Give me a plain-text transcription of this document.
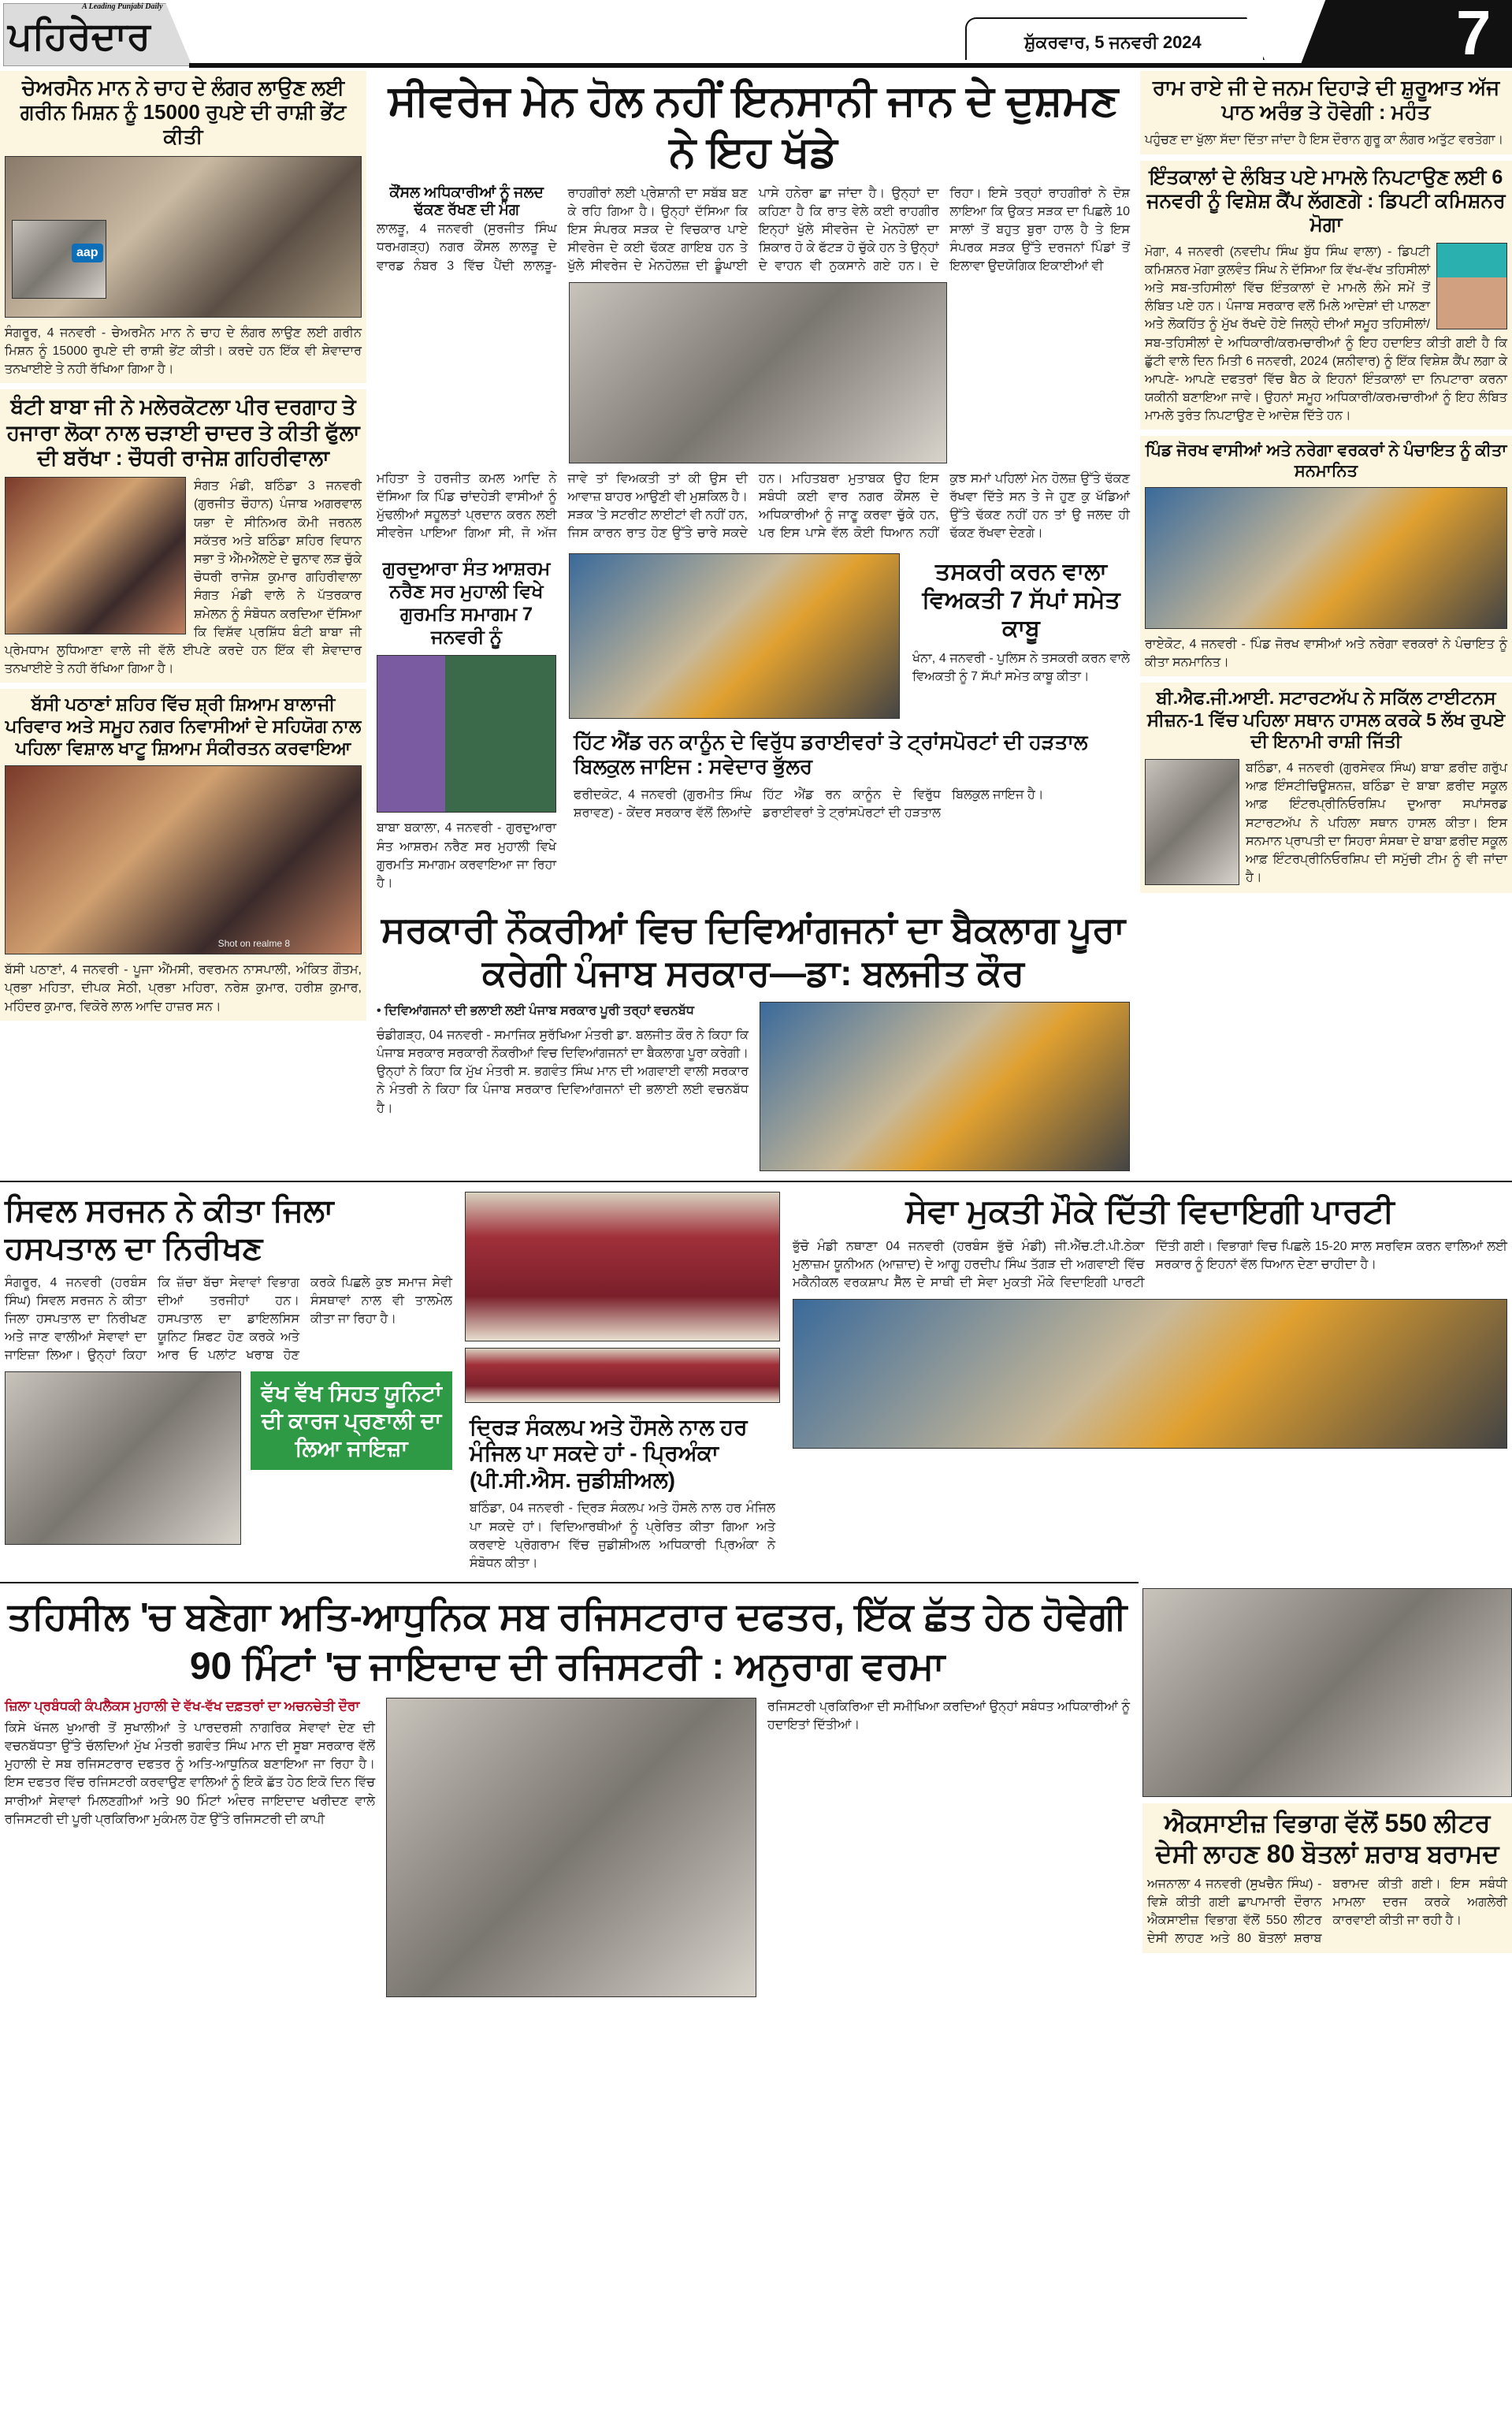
A Leading Punjabi Daily
ਪਹਿਰੇਦਾਰ	ਸ਼ੁੱਕਰਵਾਰ, 5 ਜਨਵਰੀ 2024	7
ਚੇਅਰਮੈਨ ਮਾਨ ਨੇ ਚਾਹ ਦੇ ਲੰਗਰ ਲਾਉਣ ਲਈ ਗਰੀਨ ਮਿਸ਼ਨ ਨੂੰ 15000 ਰੁਪਏ ਦੀ ਰਾਸ਼ੀ ਭੇਂਟ ਕੀਤੀ
aap
ਸੰਗਰੂਰ, 4 ਜਨਵਰੀ - ਚੇਅਰਮੈਨ ਮਾਨ ਨੇ ਚਾਹ ਦੇ ਲੰਗਰ ਲਾਉਣ ਲਈ ਗਰੀਨ ਮਿਸ਼ਨ ਨੂੰ 15000 ਰੁਪਏ ਦੀ ਰਾਸ਼ੀ ਭੇਂਟ ਕੀਤੀ। ਕਰਦੇ ਹਨ ਇੱਕ ਵੀ ਸ਼ੇਵਾਦਾਰ ਤਨਖਾਈਏ ਤੇ ਨਹੀ ਰੱਖਿਆ ਗਿਆ ਹੈ।
ਬੰਟੀ ਬਾਬਾ ਜੀ ਨੇ ਮਲੇਰਕੋਟਲਾ ਪੀਰ ਦਰਗਾਹ ਤੇ ਹਜਾਰਾ ਲੋਕਾ ਨਾਲ ਚੜਾਈ ਚਾਦਰ ਤੇ ਕੀਤੀ ਫੁੱਲਾ ਦੀ ਬਰੱਖਾ : ਚੌਧਰੀ ਰਾਜੇਸ਼ ਗਹਿਰੀਵਾਲਾ
ਸੰਗਤ ਮੰਡੀ, ਬਠਿੰਡਾ 3 ਜਨਵਰੀ (ਗੁਰਜੀਤ ਚੌਹਾਨ) ਪੰਜਾਬ ਅਗਰਵਾਲ ਯਭਾ ਦੇ ਸੀਨਿਅਰ ਕੋਮੀ ਜਰਨਲ ਸਕੱਤਰ ਅਤੇ ਬਠਿੰਡਾ ਸ਼ਹਿਰ ਵਿਧਾਨ ਸਭਾ ਤੋ ਐੱਮਐੱਲਏ ਦੇ ਚੁਨਾਵ ਲੜ ਚੁੱਕੇ ਚੋਧਰੀ ਰਾਜੇਸ਼ ਕੁਮਾਰ ਗਹਿਰੀਵਾਲਾ ਸੰਗਤ ਮੰਡੀ ਵਾਲੇ ਨੇ ਪੱਤਰਕਾਰ ਸ਼ਮੇਲਨ ਨੂੰ ਸੰਬੋਧਨ ਕਰਦਿਆ ਦੱਸਿਆ ਕਿ ਵਿਸ਼ੱਵ ਪ੍ਰਸ਼ਿੱਧ ਬੰਟੀ ਬਾਬਾ ਜੀ ਪ੍ਰੇਮਧਾਮ ਲੁਧਿਆਣਾ ਵਾਲੇ ਜੀ ਵੱਲੋ ਈਪਣੇ ਕਰਦੇ ਹਨ ਇੱਕ ਵੀ ਸ਼ੇਵਾਦਾਰ ਤਨਖਾਈਏ ਤੇ ਨਹੀ ਰੱਖਿਆ ਗਿਆ ਹੈ।
ਬੱਸੀ ਪਠਾਣਾਂ ਸ਼ਹਿਰ ਵਿੱਚ ਸ਼੍ਰੀ ਸ਼ਿਆਮ ਬਾਲਾਜੀ ਪਰਿਵਾਰ ਅਤੇ ਸਮੂਹ ਨਗਰ ਨਿਵਾਸੀਆਂ ਦੇ ਸਹਿਯੋਗ ਨਾਲ ਪਹਿਲਾ ਵਿਸ਼ਾਲ ਖਾਟੂ ਸ਼ਿਆਮ ਸੰਕੀਰਤਨ ਕਰਵਾਇਆ
Shot on realme 8
ਬੱਸੀ ਪਠਾਣਾਂ, 4 ਜਨਵਰੀ - ਪੂਜਾ ਐਂਮਸੀ, ਰਵਰਮਨ ਨਾਸਪਾਲੀ, ਅੰਕਿਤ ਗੌਤਮ, ਪ੍ਰਭਾ ਮਹਿਤਾ, ਦੀਪਕ ਸੇਠੀ, ਪ੍ਰਭਾ ਮਹਿਰਾ, ਨਰੇਸ਼ ਕੁਮਾਰ, ਹਰੀਸ਼ ਕੁਮਾਰ, ਮਹਿੰਦਰ ਕੁਮਾਰ, ਵਿਕੋਰੇ ਲਾਲ ਆਦਿ ਹਾਜ਼ਰ ਸਨ।
ਸੀਵਰੇਜ ਮੇਨ ਹੋਲ ਨਹੀਂ ਇਨਸਾਨੀ ਜਾਨ ਦੇ ਦੁਸ਼ਮਣ ਨੇ ਇਹ ਖੱਡੇ
ਕੌਂਸਲ ਅਧਿਕਾਰੀਆਂ ਨੂੰ ਜਲਦ ਢੱਕਣ ਰੱਖਣ ਦੀ ਮੰਗ
ਲਾਲੜੂ, 4 ਜਨਵਰੀ (ਸੁਰਜੀਤ ਸਿੰਘ ਧਰਮਗੜ੍ਹ) ਨਗਰ ਕੌਂਸਲ ਲਾਲੜੂ ਦੇ ਵਾਰਡ ਨੰਬਰ 3 ਵਿੱਚ ਪੈਂਦੀ ਲਾਲੜੂ- ਰਾਹਗੀਰਾਂ ਲਈ ਪ੍ਰੇਸ਼ਾਨੀ ਦਾ ਸਬੱਬ ਬਣ ਕੇ ਰਹਿ ਗਿਆ ਹੈ। ਉਨ੍ਹਾਂ ਦੱਸਿਆ ਕਿ ਇਸ ਸੰਪਰਕ ਸੜਕ ਦੇ ਵਿਚਕਾਰ ਪਾਏ ਸੀਵਰੇਜ ਦੇ ਕਈ ਢੱਕਣ ਗਾਇਬ ਹਨ ਤੇ ਖੁੱਲੇ ਸੀਵਰੇਜ ਦੇ ਮੇਨਹੋਲਜ਼ ਦੀ ਡੂੰਘਾਈ ਪਾਸੇ ਹਨੇਰਾ ਛਾ ਜਾਂਦਾ ਹੈ। ਉਨ੍ਹਾਂ ਦਾ ਕਹਿਣਾ ਹੈ ਕਿ ਰਾਤ ਵੇਲੇ ਕਈ ਰਾਹਗੀਰ ਇਨ੍ਹਾਂ ਖੁੱਲੇ ਸੀਵਰੇਜ ਦੇ ਮੇਨਹੋਲਾਂ ਦਾ ਸ਼ਿਕਾਰ ਹੋ ਕੇ ਫੱਟੜ ਹੋ ਚੁੱਕੇ ਹਨ ਤੇ ਉਨ੍ਹਾਂ ਦੇ ਵਾਹਨ ਵੀ ਨੁਕਸਾਨੇ ਗਏ ਹਨ। ਦੇ ਰਿਹਾ। ਇਸੇ ਤਰ੍ਹਾਂ ਰਾਹਗੀਰਾਂ ਨੇ ਦੋਸ਼ ਲਾਇਆ ਕਿ ਉਕਤ ਸੜਕ ਦਾ ਪਿਛਲੇ 10 ਸਾਲਾਂ ਤੋਂ ਬਹੁਤ ਬੁਰਾ ਹਾਲ ਹੈ ਤੇ ਇਸ ਸੰਪਰਕ ਸੜਕ ਉੱਤੇ ਦਰਜਨਾਂ ਪਿੰਡਾਂ ਤੋਂ ਇਲਾਵਾ ਉਦਯੋਗਿਕ ਇਕਾਈਆਂ ਵੀ
ਮਹਿਤਾ ਤੇ ਹਰਜੀਤ ਕਮਲ ਆਦਿ ਨੇ ਦੱਸਿਆ ਕਿ ਪਿੰਡ ਚਾਂਦਹੇੜੀ ਵਾਸੀਆਂ ਨੂੰ ਮੁੱਢਲੀਆਂ ਸਹੂਲਤਾਂ ਪ੍ਰਦਾਨ ਕਰਨ ਲਈ ਸੀਵਰੇਜ ਪਾਇਆ ਗਿਆ ਸੀ, ਜੋ ਅੱਜ ਜਾਵੇ ਤਾਂ ਵਿਅਕਤੀ ਤਾਂ ਕੀ ਉਸ ਦੀ ਆਵਾਜ਼ ਬਾਹਰ ਆਉਣੀ ਵੀ ਮੁਸ਼ਕਿਲ ਹੈ। ਸੜਕ 'ਤੇ ਸਟਰੀਟ ਲਾਈਟਾਂ ਵੀ ਨਹੀਂ ਹਨ, ਜਿਸ ਕਾਰਨ ਰਾਤ ਹੋਣ ਉੱਤੇ ਚਾਰੇ ਸਕਦੇ ਹਨ। ਮਹਿਤਬਰਾ ਮੁਤਾਬਕ ਉਹ ਇਸ ਸਬੰਧੀ ਕਈ ਵਾਰ ਨਗਰ ਕੌਂਸਲ ਦੇ ਅਧਿਕਾਰੀਆਂ ਨੂੰ ਜਾਣੂ ਕਰਵਾ ਚੁੱਕੇ ਹਨ, ਪਰ ਇਸ ਪਾਸੇ ਵੱਲ ਕੋਈ ਧਿਆਨ ਨਹੀਂ ਕੁਝ ਸਮਾਂ ਪਹਿਲਾਂ ਮੇਨ ਹੋਲਜ਼ ਉੱਤੇ ਢੱਕਣ ਰੱਖਵਾ ਦਿੱਤੇ ਸਨ ਤੇ ਜੇ ਹੁਣ ਕੁ ਖੱਡਿਆਂ ਉੱਤੇ ਢੱਕਣ ਨਹੀਂ ਹਨ ਤਾਂ ਉ ਜਲਦ ਹੀ ਢੱਕਣ ਰੱਖਵਾ ਦੇਣਗੇ।
ਗੁਰਦੁਆਰਾ ਸੰਤ ਆਸ਼ਰਮ ਨਰੈਣ ਸਰ ਮੁਹਾਲੀ ਵਿਖੇ ਗੁਰਮਤਿ ਸਮਾਗਮ 7 ਜਨਵਰੀ ਨੂੰ
ਬਾਬਾ ਬਕਾਲਾ, 4 ਜਨਵਰੀ - ਗੁਰਦੁਆਰਾ ਸੰਤ ਆਸ਼ਰਮ ਨਰੈਣ ਸਰ ਮੁਹਾਲੀ ਵਿਖੇ ਗੁਰਮਤਿ ਸਮਾਗਮ ਕਰਵਾਇਆ ਜਾ ਰਿਹਾ ਹੈ।
ਤਸਕਰੀ ਕਰਨ ਵਾਲਾ ਵਿਅਕਤੀ 7 ਸੱਪਾਂ ਸਮੇਤ ਕਾਬੂ
ਖੰਨਾ, 4 ਜਨਵਰੀ - ਪੁਲਿਸ ਨੇ ਤਸਕਰੀ ਕਰਨ ਵਾਲੇ ਵਿਅਕਤੀ ਨੂੰ 7 ਸੱਪਾਂ ਸਮੇਤ ਕਾਬੂ ਕੀਤਾ।
ਹਿੱਟ ਐਂਡ ਰਨ ਕਾਨੂੰਨ ਦੇ ਵਿਰੁੱਧ ਡਰਾਈਵਰਾਂ ਤੇ ਟ੍ਰਾਂਸਪੋਰਟਾਂ ਦੀ ਹੜਤਾਲ ਬਿਲਕੁਲ ਜਾਇਜ : ਸਵੇਦਾਰ ਭੁੱਲਰ
ਫਰੀਦਕੋਟ, 4 ਜਨਵਰੀ (ਗੁਰਮੀਤ ਸਿੰਘ ਸ਼ਰਾਵਣ) - ਕੇਂਦਰ ਸਰਕਾਰ ਵੱਲੋਂ ਲਿਆਂਦੇ ਹਿੱਟ ਐਂਡ ਰਨ ਕਾਨੂੰਨ ਦੇ ਵਿਰੁੱਧ ਡਰਾਈਵਰਾਂ ਤੇ ਟ੍ਰਾਂਸਪੋਰਟਾਂ ਦੀ ਹੜਤਾਲ ਬਿਲਕੁਲ ਜਾਇਜ ਹੈ।
ਸਰਕਾਰੀ ਨੌਕਰੀਆਂ ਵਿਚ ਦਿਵਿਆਂਗਜਨਾਂ ਦਾ ਬੈਕਲਾਗ ਪੂਰਾ ਕਰੇਗੀ ਪੰਜਾਬ ਸਰਕਾਰ—ਡਾ: ਬਲਜੀਤ ਕੌਰ
• ਦਿਵਿਆਂਗਜਨਾਂ ਦੀ ਭਲਾਈ ਲਈ ਪੰਜਾਬ ਸਰਕਾਰ ਪੂਰੀ ਤਰ੍ਹਾਂ ਵਚਨਬੱਧ
ਚੰਡੀਗੜ੍ਹ, 04 ਜਨਵਰੀ - ਸਮਾਜਿਕ ਸੁਰੱਖਿਆ ਮੰਤਰੀ ਡਾ. ਬਲਜੀਤ ਕੌਰ ਨੇ ਕਿਹਾ ਕਿ ਪੰਜਾਬ ਸਰਕਾਰ ਸਰਕਾਰੀ ਨੌਕਰੀਆਂ ਵਿਚ ਦਿਵਿਆਂਗਜਨਾਂ ਦਾ ਬੈਕਲਾਗ ਪੂਰਾ ਕਰੇਗੀ। ਉਨ੍ਹਾਂ ਨੇ ਕਿਹਾ ਕਿ ਮੁੱਖ ਮੰਤਰੀ ਸ. ਭਗਵੰਤ ਸਿੰਘ ਮਾਨ ਦੀ ਅਗਵਾਈ ਵਾਲੀ ਸਰਕਾਰ ਨੇ ਮੰਤਰੀ ਨੇ ਕਿਹਾ ਕਿ ਪੰਜਾਬ ਸਰਕਾਰ ਦਿਵਿਆਂਗਜਨਾਂ ਦੀ ਭਲਾਈ ਲਈ ਵਚਨਬੱਧ ਹੈ।
ਰਾਮ ਰਾਏ ਜੀ ਦੇ ਜਨਮ ਦਿਹਾੜੇ ਦੀ ਸ਼ੁਰੂਆਤ ਅੱਜ ਪਾਠ ਅਰੰਭ ਤੇ ਹੋਵੇਗੀ : ਮਹੰਤ
ਪਹੁੰਚਣ ਦਾ ਖੁੱਲਾ ਸੱਦਾ ਦਿੱਤਾ ਜਾਂਦਾ ਹੈ ਇਸ ਦੌਰਾਨ ਗੁਰੂ ਕਾ ਲੰਗਰ ਅਤੁੱਟ ਵਰਤੇਗਾ।
ਇੰਤਕਾਲਾਂ ਦੇ ਲੰਬਿਤ ਪਏ ਮਾਮਲੇ ਨਿਪਟਾਉਣ ਲਈ 6 ਜਨਵਰੀ ਨੂੰ ਵਿਸ਼ੇਸ਼ ਕੈਂਪ ਲੱਗਣਗੇ : ਡਿਪਟੀ ਕਮਿਸ਼ਨਰ ਮੋਗਾ
ਮੋਗਾ, 4 ਜਨਵਰੀ (ਨਵਦੀਪ ਸਿੰਘ ਬੁੱਧ ਸਿੰਘ ਵਾਲਾ) - ਡਿਪਟੀ ਕਮਿਸ਼ਨਰ ਮੋਗਾ ਕੁਲਵੰਤ ਸਿੰਘ ਨੇ ਦੱਸਿਆ ਕਿ ਵੱਖ-ਵੱਖ ਤਹਿਸੀਲਾਂ ਅਤੇ ਸਬ-ਤਹਿਸੀਲਾਂ ਵਿੱਚ ਇੰਤਕਾਲਾਂ ਦੇ ਮਾਮਲੇ ਲੰਮੇ ਸਮੇਂ ਤੋਂ ਲੰਬਿਤ ਪਏ ਹਨ। ਪੰਜਾਬ ਸਰਕਾਰ ਵਲੋਂ ਮਿਲੇ ਆਦੇਸ਼ਾਂ ਦੀ ਪਾਲਣਾ ਅਤੇ ਲੋਕਹਿੱਤ ਨੂੰ ਮੁੱਖ ਰੱਖਦੇ ਹੋਏ ਜਿਲ੍ਹੇ ਦੀਆਂ ਸਮੂਹ ਤਹਿਸੀਲਾਂ/ਸਬ-ਤਹਿਸੀਲਾਂ ਦੇ ਅਧਿਕਾਰੀ/ਕਰਮਚਾਰੀਆਂ ਨੂੰ ਇਹ ਹਦਾਇਤ ਕੀਤੀ ਗਈ ਹੈ ਕਿ ਛੁੱਟੀ ਵਾਲੇ ਦਿਨ ਮਿਤੀ 6 ਜਨਵਰੀ, 2024 (ਸ਼ਨੀਵਾਰ) ਨੂੰ ਇੱਕ ਵਿਸ਼ੇਸ਼ ਕੈਂਪ ਲਗਾ ਕੇ ਆਪਣੇ- ਆਪਣੇ ਦਫਤਰਾਂ ਵਿੱਚ ਬੈਠ ਕੇ ਇਹਨਾਂ ਇੰਤਕਾਲਾਂ ਦਾ ਨਿਪਟਾਰਾ ਕਰਨਾ ਯਕੀਨੀ ਬਣਾਇਆ ਜਾਵੇ। ਉਹਨਾਂ ਸਮੂਹ ਅਧਿਕਾਰੀ/ਕਰਮਚਾਰੀਆਂ ਨੂੰ ਇਹ ਲੰਬਿਤ ਮਾਮਲੇ ਤੁਰੰਤ ਨਿਪਟਾਉਣ ਦੇ ਆਦੇਸ਼ ਦਿੱਤੇ ਹਨ।
ਪਿੰਡ ਜੋਰਖ ਵਾਸੀਆਂ ਅਤੇ ਨਰੇਗਾ ਵਰਕਰਾਂ ਨੇ ਪੰਚਾਇਤ ਨੂੰ ਕੀਤਾ ਸਨਮਾਨਿਤ
ਰਾਏਕੋਟ, 4 ਜਨਵਰੀ - ਪਿੰਡ ਜੋਰਖ ਵਾਸੀਆਂ ਅਤੇ ਨਰੇਗਾ ਵਰਕਰਾਂ ਨੇ ਪੰਚਾਇਤ ਨੂੰ ਕੀਤਾ ਸਨਮਾਨਿਤ।
ਬੀ.ਐਫ.ਜੀ.ਆਈ. ਸਟਾਰਟਅੱਪ ਨੇ ਸਕਿੱਲ ਟਾਈਟਨਸ ਸੀਜ਼ਨ-1 ਵਿੱਚ ਪਹਿਲਾ ਸਥਾਨ ਹਾਸਲ ਕਰਕੇ 5 ਲੱਖ ਰੁਪਏ ਦੀ ਇਨਾਮੀ ਰਾਸ਼ੀ ਜਿੱਤੀ
ਬਠਿੰਡਾ, 4 ਜਨਵਰੀ (ਗੁਰਸੇਵਕ ਸਿੰਘ) ਬਾਬਾ ਫ਼ਰੀਦ ਗਰੁੱਪ ਆਫ਼ ਇੰਸਟੀਚਿਊਸ਼ਨਜ਼, ਬਠਿੰਡਾ ਦੇ ਬਾਬਾ ਫ਼ਰੀਦ ਸਕੂਲ ਆਫ਼ ਇੰਟਰਪ੍ਰੀਨਿਓਰਸ਼ਿਪ ਦੁਆਰਾ ਸਪਾਂਸਰਡ ਸਟਾਰਟਅੱਪ ਨੇ ਪਹਿਲਾ ਸਥਾਨ ਹਾਸਲ ਕੀਤਾ। ਇਸ ਸਨਮਾਨ ਪ੍ਰਾਪਤੀ ਦਾ ਸਿਹਰਾ ਸੰਸਥਾ ਦੇ ਬਾਬਾ ਫ਼ਰੀਦ ਸਕੂਲ ਆਫ਼ ਇੰਟਰਪ੍ਰੀਨਿਓਰਸ਼ਿਪ ਦੀ ਸਮੁੱਚੀ ਟੀਮ ਨੂੰ ਵੀ ਜਾਂਦਾ ਹੈ।
ਸਿਵਲ ਸਰਜਨ ਨੇ ਕੀਤਾ ਜਿਲਾ ਹਸਪਤਾਲ ਦਾ ਨਿਰੀਖਣ
ਸੰਗਰੂਰ, 4 ਜਨਵਰੀ (ਹਰਬੰਸ ਸਿੰਘ) ਸਿਵਲ ਸਰਜਨ ਨੇ ਕੀਤਾ ਜਿਲਾ ਹਸਪਤਾਲ ਦਾ ਨਿਰੀਖਣ ਅਤੇ ਜਾਣ ਵਾਲੀਆਂ ਸੇਵਾਵਾਂ ਦਾ ਜਾਇਜ਼ਾ ਲਿਆ। ਉਨ੍ਹਾਂ ਕਿਹਾ ਕਿ ਜ਼ੱਚਾ ਬੱਚਾ ਸੇਵਾਵਾਂ ਵਿਭਾਗ ਦੀਆਂ ਤਰਜੀਹਾਂ ਹਨ। ਹਸਪਤਾਲ ਦਾ ਡਾਇਲਸਿਸ ਯੂਨਿਟ ਸ਼ਿਫਟ ਹੋਣ ਕਰਕੇ ਅਤੇ ਆਰ ਓ ਪਲਾਂਟ ਖਰਾਬ ਹੋਣ ਕਰਕੇ ਪਿਛਲੇ ਕੁਝ ਸਮਾਜ ਸੇਵੀ ਸੰਸਥਾਵਾਂ ਨਾਲ ਵੀ ਤਾਲਮੇਲ ਕੀਤਾ ਜਾ ਰਿਹਾ ਹੈ।
ਵੱਖ ਵੱਖ ਸਿਹਤ ਯੂਨਿਟਾਂ ਦੀ ਕਾਰਜ ਪ੍ਰਣਾਲੀ ਦਾ ਲਿਆ ਜਾਇਜ਼ਾ
ਦ੍ਰਿੜ ਸੰਕਲਪ ਅਤੇ ਹੌਸਲੇ ਨਾਲ ਹਰ ਮੰਜਿਲ ਪਾ ਸਕਦੇ ਹਾਂ - ਪ੍ਰਿਅੰਕਾ (ਪੀ.ਸੀ.ਐਸ. ਜੁਡੀਸ਼ੀਅਲ)
ਬਠਿੰਡਾ, 04 ਜਨਵਰੀ - ਦ੍ਰਿੜ ਸੰਕਲਪ ਅਤੇ ਹੌਸਲੇ ਨਾਲ ਹਰ ਮੰਜਿਲ ਪਾ ਸਕਦੇ ਹਾਂ। ਵਿਦਿਆਰਥੀਆਂ ਨੂੰ ਪ੍ਰੇਰਿਤ ਕੀਤਾ ਗਿਆ ਅਤੇ ਕਰਵਾਏ ਪ੍ਰੋਗਰਾਮ ਵਿੱਚ ਜੁਡੀਸ਼ੀਅਲ ਅਧਿਕਾਰੀ ਪ੍ਰਿਅੰਕਾ ਨੇ ਸੰਬੋਧਨ ਕੀਤਾ।
ਸੇਵਾ ਮੁਕਤੀ ਮੌਕੇ ਦਿੱਤੀ ਵਿਦਾਇਗੀ ਪਾਰਟੀ
ਭੁੱਚੋ ਮੰਡੀ ਨਥਾਣਾ 04 ਜਨਵਰੀ (ਹਰਬੰਸ ਭੁੱਚੋ ਮੰਡੀ) ਜੀ.ਐੱਚ.ਟੀ.ਪੀ.ਠੇਕਾ ਮੁਲਾਜ਼ਮ ਯੂਨੀਅਨ (ਆਜ਼ਾਦ) ਦੇ ਆਗੂ ਹਰਦੀਪ ਸਿੰਘ ਤੱਗੜ ਦੀ ਅਗਵਾਈ ਵਿੱਚ ਮਕੈਨੀਕਲ ਵਰਕਸ਼ਾਪ ਸੈੱਲ ਦੇ ਸਾਥੀ ਦੀ ਸੇਵਾ ਮੁਕਤੀ ਮੌਕੇ ਵਿਦਾਇਗੀ ਪਾਰਟੀ ਦਿੱਤੀ ਗਈ। ਵਿਭਾਗਾਂ ਵਿਚ ਪਿਛਲੇ 15-20 ਸਾਲ ਸਰਵਿਸ ਕਰਨ ਵਾਲਿਆਂ ਲਈ ਸਰਕਾਰ ਨੂੰ ਇਹਨਾਂ ਵੱਲ ਧਿਆਨ ਦੇਣਾ ਚਾਹੀਦਾ ਹੈ।
ਤਹਿਸੀਲ 'ਚ ਬਣੇਗਾ ਅਤਿ-ਆਧੁਨਿਕ ਸਬ ਰਜਿਸਟਰਾਰ ਦਫਤਰ, ਇੱਕ ਛੱਤ ਹੇਠ ਹੋਵੇਗੀ 90 ਮਿੰਟਾਂ 'ਚ ਜਾਇਦਾਦ ਦੀ ਰਜਿਸਟਰੀ : ਅਨੁਰਾਗ ਵਰਮਾ
ਜ਼ਿਲਾ ਪ੍ਰਬੰਧਕੀ ਕੰਪਲੈਕਸ ਮੁਹਾਲੀ ਦੇ ਵੱਖ-ਵੱਖ ਦਫ਼ਤਰਾਂ ਦਾ ਅਚਨਚੇਤੀ ਦੌਰਾ
ਕਿਸੇ ਖੱਜਲ ਖੁਆਰੀ ਤੋਂ ਸੁਖਾਲੀਆਂ ਤੇ ਪਾਰਦਰਸ਼ੀ ਨਾਗਰਿਕ ਸੇਵਾਵਾਂ ਦੇਣ ਦੀ ਵਚਨਬੱਧਤਾ ਉੱਤੇ ਚੱਲਦਿਆਂ ਮੁੱਖ ਮੰਤਰੀ ਭਗਵੰਤ ਸਿੰਘ ਮਾਨ ਦੀ ਸੂਬਾ ਸਰਕਾਰ ਵੱਲੋਂ ਮੁਹਾਲੀ ਦੇ ਸਬ ਰਜਿਸਟਰਾਰ ਦਫਤਰ ਨੂੰ ਅਤਿ-ਆਧੁਨਿਕ ਬਣਾਇਆ ਜਾ ਰਿਹਾ ਹੈ। ਇਸ ਦਫਤਰ ਵਿੱਚ ਰਜਿਸਟਰੀ ਕਰਵਾਉਣ ਵਾਲਿਆਂ ਨੂੰ ਇਕੋ ਛੱਤ ਹੇਠ ਇਕੋ ਦਿਨ ਵਿੱਚ ਸਾਰੀਆਂ ਸੇਵਾਵਾਂ ਮਿਲਣਗੀਆਂ ਅਤੇ 90 ਮਿੰਟਾਂ ਅੰਦਰ ਜਾਇਦਾਦ ਖਰੀਦਣ ਵਾਲੇ ਰਜਿਸਟਰੀ ਦੀ ਪੂਰੀ ਪ੍ਰਕਿਰਿਆ ਮੁਕੰਮਲ ਹੋਣ ਉੱਤੇ ਰਜਿਸਟਰੀ ਦੀ ਕਾਪੀ
ਰਜਿਸਟਰੀ ਪ੍ਰਕਿਰਿਆ ਦੀ ਸਮੀਖਿਆ ਕਰਦਿਆਂ ਉਨ੍ਹਾਂ ਸਬੰਧਤ ਅਧਿਕਾਰੀਆਂ ਨੂੰ ਹਦਾਇਤਾਂ ਦਿੱਤੀਆਂ।
ਐਕਸਾਈਜ਼ ਵਿਭਾਗ ਵੱਲੋਂ 550 ਲੀਟਰ ਦੇਸੀ ਲਾਹਣ 80 ਬੋਤਲਾਂ ਸ਼ਰਾਬ ਬਰਾਮਦ
ਅਜਨਾਲਾ 4 ਜਨਵਰੀ (ਸੁਖਚੈਨ ਸਿੰਘ) - ਵਿਸ਼ੇ ਕੀਤੀ ਗਈ ਛਾਪਾਮਾਰੀ ਦੌਰਾਨ ਐਕਸਾਈਜ਼ ਵਿਭਾਗ ਵੱਲੋਂ 550 ਲੀਟਰ ਦੇਸੀ ਲਾਹਣ ਅਤੇ 80 ਬੋਤਲਾਂ ਸ਼ਰਾਬ ਬਰਾਮਦ ਕੀਤੀ ਗਈ। ਇਸ ਸਬੰਧੀ ਮਾਮਲਾ ਦਰਜ ਕਰਕੇ ਅਗਲੇਰੀ ਕਾਰਵਾਈ ਕੀਤੀ ਜਾ ਰਹੀ ਹੈ।
